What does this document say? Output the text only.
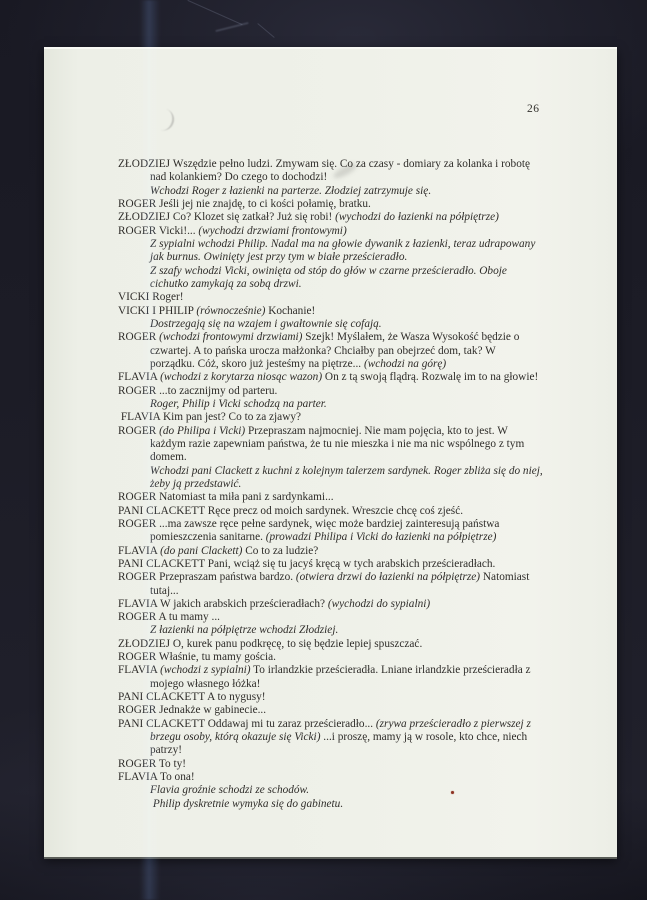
26
ZŁODZIEJ Wszędzie pełno ludzi. Zmywam się. Co za czasy - domiary za kolanka i robotę
nad kolankiem? Do czego to dochodzi!
Wchodzi Roger z łazienki na parterze. Złodziej zatrzymuje się.
ROGER Jeśli jej nie znajdę, to ci kości połamię, bratku.
ZŁODZIEJ Co? Klozet się zatkał? Już się robi! (wychodzi do łazienki na półpiętrze)
ROGER Vicki!... (wychodzi drzwiami frontowymi)
Z sypialni wchodzi Philip. Nadal ma na głowie dywanik z łazienki, teraz udrapowany
jak burnus. Owinięty jest przy tym w białe prześcieradło.
Z szafy wchodzi Vicki, owinięta od stóp do głów w czarne prześcieradło. Oboje
cichutko zamykają za sobą drzwi.
VICKI Roger!
VICKI I PHILIP (równocześnie) Kochanie!
Dostrzegają się na wzajem i gwałtownie się cofają.
ROGER (wchodzi frontowymi drzwiami) Szejk! Myślałem, że Wasza Wysokość będzie o
czwartej. A to pańska urocza małżonka? Chciałby pan obejrzeć dom, tak? W
porządku. Cóż, skoro już jesteśmy na piętrze... (wchodzi na górę)
FLAVIA (wchodzi z korytarza niosąc wazon) On z tą swoją flądrą. Rozwalę im to na głowie!
ROGER ...to zacznijmy od parteru.
Roger, Philip i Vicki schodzą na parter.
FLAVIA Kim pan jest? Co to za zjawy?
ROGER (do Philipa i Vicki) Przepraszam najmocniej. Nie mam pojęcia, kto to jest. W
każdym razie zapewniam państwa, że tu nie mieszka i nie ma nic wspólnego z tym
domem.
Wchodzi pani Clackett z kuchni z kolejnym talerzem sardynek. Roger zbliża się do niej,
żeby ją przedstawić.
ROGER Natomiast ta miła pani z sardynkami...
PANI CLACKETT Ręce precz od moich sardynek. Wreszcie chcę coś zjeść.
ROGER ...ma zawsze ręce pełne sardynek, więc może bardziej zainteresują państwa
pomieszczenia sanitarne. (prowadzi Philipa i Vicki do łazienki na półpiętrze)
FLAVIA (do pani Clackett) Co to za ludzie?
PANI CLACKETT Pani, wciąż się tu jacyś kręcą w tych arabskich prześcieradłach.
ROGER Przepraszam państwa bardzo. (otwiera drzwi do łazienki na półpiętrze) Natomiast
tutaj...
FLAVIA W jakich arabskich prześcieradłach? (wychodzi do sypialni)
ROGER A tu mamy ...
Z łazienki na półpiętrze wchodzi Złodziej.
ZŁODZIEJ O, kurek panu podkręcę, to się będzie lepiej spuszczać.
ROGER Właśnie, tu mamy gościa.
FLAVIA (wchodzi z sypialni) To irlandzkie prześcieradła. Lniane irlandzkie prześcieradła z
mojego własnego łóżka!
PANI CLACKETT A to nygusy!
ROGER Jednakże w gabinecie...
PANI CLACKETT Oddawaj mi tu zaraz prześcieradło... (zrywa prześcieradło z pierwszej z
brzegu osoby, którą okazuje się Vicki) ...i proszę, mamy ją w rosole, kto chce, niech
patrzy!
ROGER To ty!
FLAVIA To ona!
Flavia groźnie schodzi ze schodów.
Philip dyskretnie wymyka się do gabinetu.
